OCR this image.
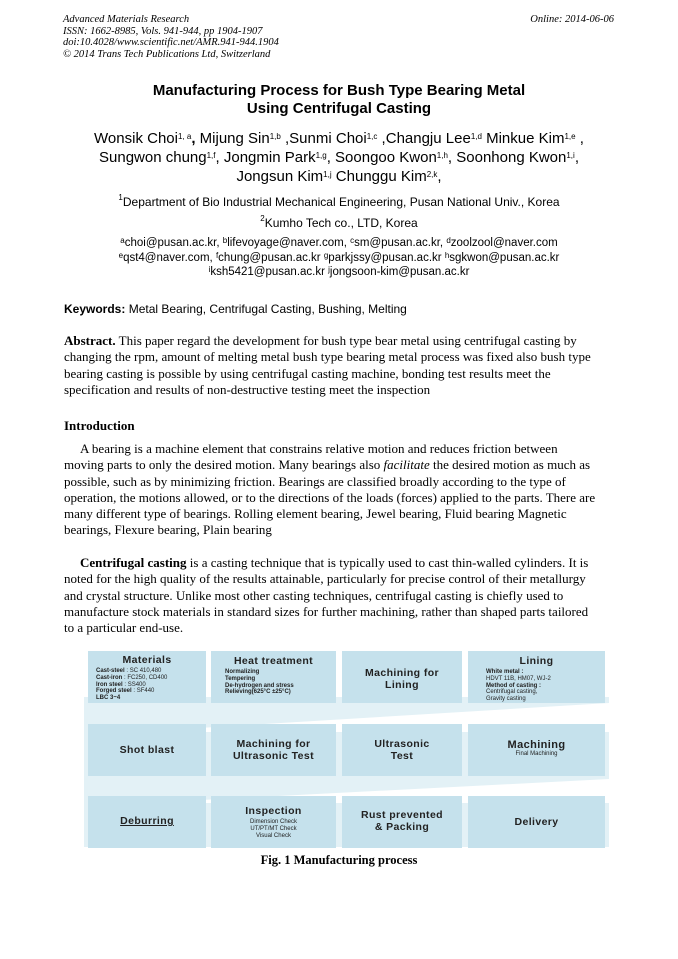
Advanced Materials Research
ISSN: 1662-8985, Vols. 941-944, pp 1904-1907
doi:10.4028/www.scientific.net/AMR.941-944.1904
© 2014 Trans Tech Publications Ltd, Switzerland
Online: 2014-06-06
Manufacturing Process for Bush Type Bearing Metal
Using Centrifugal Casting
Wonsik Choi$^{1, a}$, Mijung Sin$^{1,b}$ ,Sunmi Choi$^{1,c}$ ,Changju Lee$^{1,d}$ Minkue Kim$^{1,e}$ ,
Sungwon chung$^{1,f}$, Jongmin Park$^{1,g}$, Soongoo Kwon$^{1,h}$, Soonhong Kwon$^{1,i}$,
Jongsun Kim$^{1,j}$ Chunggu Kim$^{2,k}$,
$^1$Department of Bio Industrial Mechanical Engineering, Pusan National Univ., Korea
$^2$Kumho Tech co., LTD, Korea
$^a$choi@pusan.ac.kr, $^b$lifevoyage@naver.com, $^c$sm@pusan.ac.kr, $^d$zoolzool@naver.com
$^e$qst4@naver.com, $^f$chung@pusan.ac.kr $^g$parkjssy@pusan.ac.kr $^h$sgkwon@pusan.ac.kr
$^i$ksh5421@pusan.ac.kr $^j$jongsoon-kim@pusan.ac.kr
Keywords: Metal Bearing, Centrifugal Casting, Bushing, Melting
Abstract. This paper regard the development for bush type bear metal using centrifugal casting by
changing the rpm, amount of melting metal bush type bearing metal process was fixed also bush type
bearing casting is possible by using centrifugal casting machine, bonding test results meet the
specification and results of non-destructive testing meet the inspection
Introduction
A bearing is a machine element that constrains relative motion and reduces friction between
moving parts to only the desired motion. Many bearings also facilitate the desired motion as much as
possible, such as by minimizing friction. Bearings are classified broadly according to the type of
operation, the motions allowed, or to the directions of the loads (forces) applied to the parts. There are
many different type of bearings. Rolling element bearing, Jewel bearing, Fluid bearing Magnetic
bearings, Flexure bearing, Plain bearing
Centrifugal casting is a casting technique that is typically used to cast thin-walled cylinders. It is
noted for the high quality of the results attainable, particularly for precise control of their metallurgy
and crystal structure. Unlike most other casting techniques, centrifugal casting is chiefly used to
manufacture stock materials in standard sizes for further machining, rather than shaped parts tailored
to a particular end-use.
Materials
Cast-steel : SC 410,480
Cast-iron : FC250, CD400
Iron steel : SS400
Forged steel : SF440
LBC 3~4
Heat treatment
Normalizing
Tempering
De-hydrogen and stress
Relieving(625°C ±25°C)
Machining for
Lining
Lining
White metal :
HDVT 11B, HM07, WJ-2
Method of casting :
Centrifugal casting,
Gravity casting
Shot blast	Machining for
Ultrasonic Test
Ultrasonic
Test
Machining
Final Machining
Deburring
Inspection
Dimension Check
UT/PT/MT Check
Visual Check
Rust prevented
& Packing	Delivery
Fig. 1 Manufacturing process
